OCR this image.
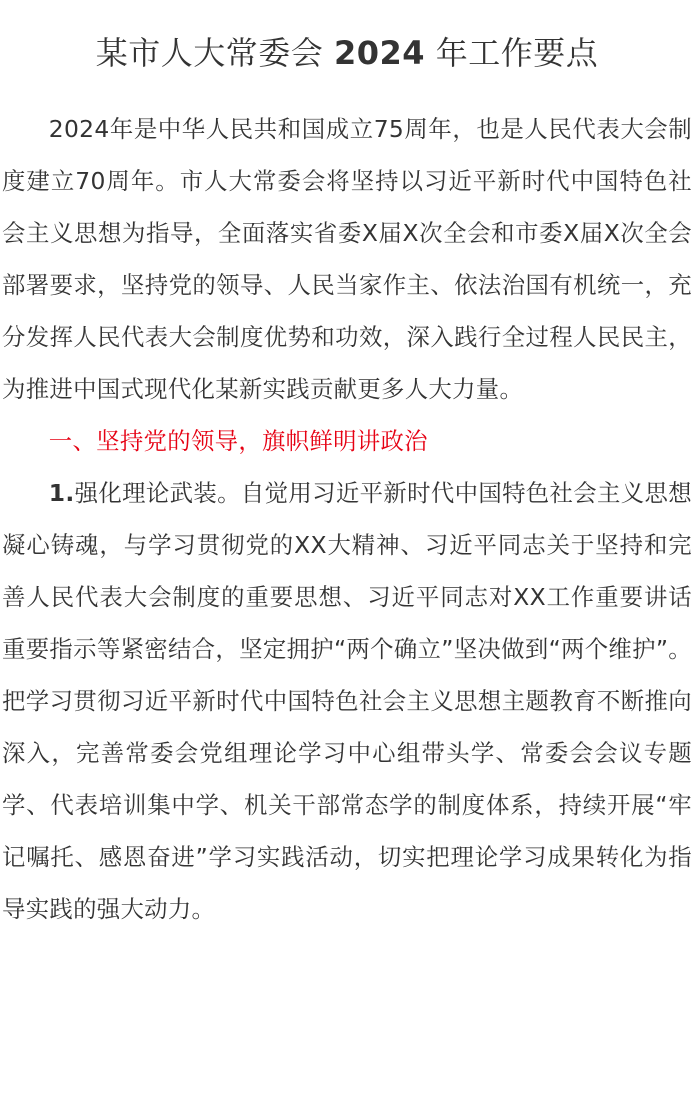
某市人大常委会 2024 年工作要点

2024年是中华人民共和国成立75周年，也是人民代表大会制度建立70周年。市人大常委会将坚持以习近平新时代中国特色社会主义思想为指导，全面落实省委X届X次全会和市委X届X次全会部署要求，坚持党的领导、人民当家作主、依法治国有机统一，充分发挥人民代表大会制度优势和功效，深入践行全过程人民民主，为推进中国式现代化某新实践贡献更多人大力量。

一、坚持党的领导，旗帜鲜明讲政治

1.强化理论武装。自觉用习近平新时代中国特色社会主义思想凝心铸魂，与学习贯彻党的XX大精神、习近平同志关于坚持和完善人民代表大会制度的重要思想、习近平同志对XX工作重要讲话重要指示等紧密结合，坚定拥护“两个确立”坚决做到“两个维护”。把学习贯彻习近平新时代中国特色社会主义思想主题教育不断推向深入，完善常委会党组理论学习中心组带头学、常委会会议专题学、代表培训集中学、机关干部常态学的制度体系，持续开展“牢记嘱托、感恩奋进”学习实践活动，切实把理论学习成果转化为指导实践的强大动力。
